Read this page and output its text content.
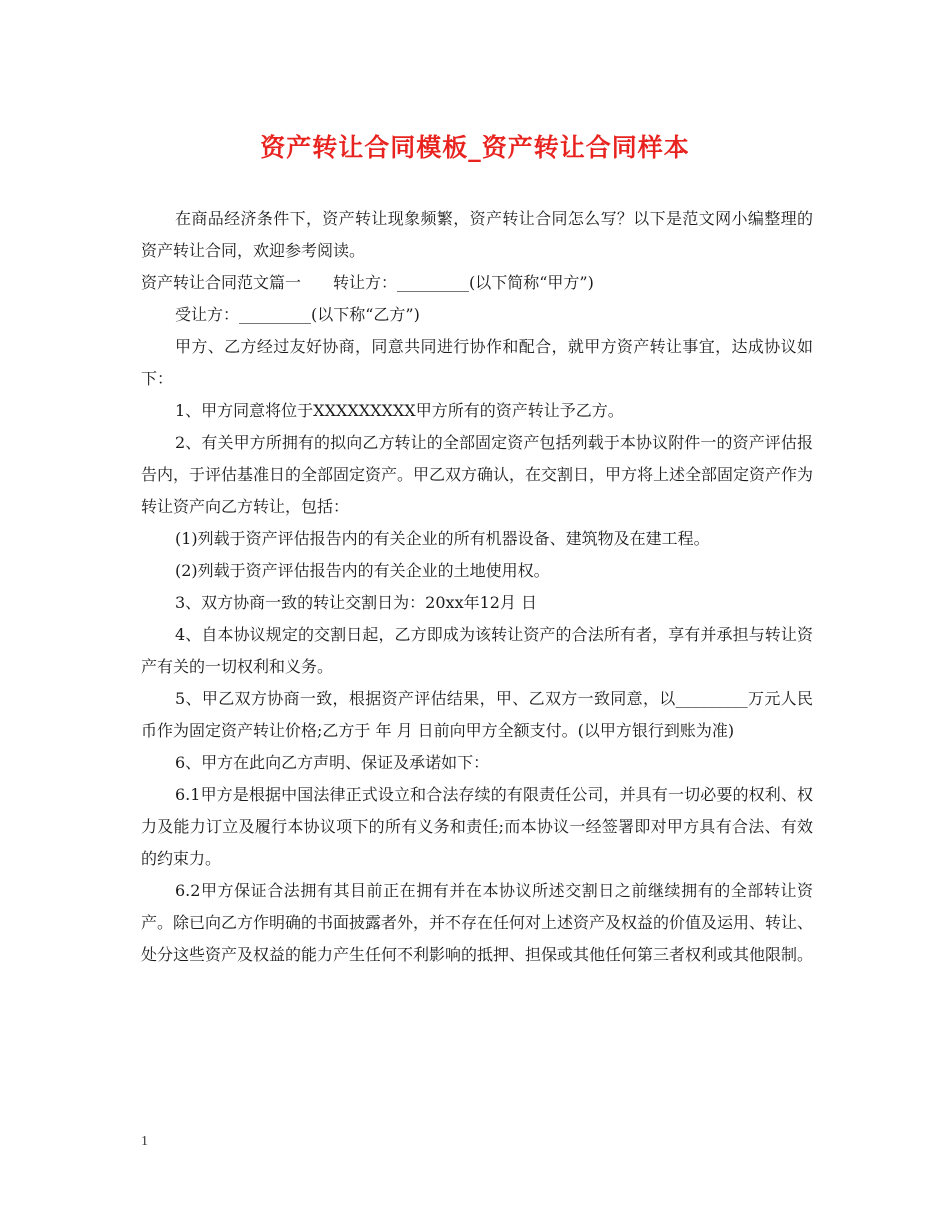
资产转让合同模板_资产转让合同样本

在商品经济条件下，资产转让现象频繁，资产转让合同怎么写？以下是范文网小编整理的资产转让合同，欢迎参考阅读。

资产转让合同范文篇一　　转让方：_________(以下简称“甲方”)

受让方：_________(以下称“乙方”)

甲方、乙方经过友好协商，同意共同进行协作和配合，就甲方资产转让事宜，达成协议如下：

1、甲方同意将位于XXXXXXXXX甲方所有的资产转让予乙方。

2、有关甲方所拥有的拟向乙方转让的全部固定资产包括列载于本协议附件一的资产评估报告内，于评估基准日的全部固定资产。甲乙双方确认，在交割日，甲方将上述全部固定资产作为转让资产向乙方转让，包括：

(1)列载于资产评估报告内的有关企业的所有机器设备、建筑物及在建工程。

(2)列载于资产评估报告内的有关企业的土地使用权。

3、双方协商一致的转让交割日为：20xx年12月 日

4、自本协议规定的交割日起，乙方即成为该转让资产的合法所有者，享有并承担与转让资产有关的一切权利和义务。

5、甲乙双方协商一致，根据资产评估结果，甲、乙双方一致同意，以_________万元人民币作为固定资产转让价格;乙方于 年 月 日前向甲方全额支付。(以甲方银行到账为准)

6、甲方在此向乙方声明、保证及承诺如下：

6.1甲方是根据中国法律正式设立和合法存续的有限责任公司，并具有一切必要的权利、权力及能力订立及履行本协议项下的所有义务和责任;而本协议一经签署即对甲方具有合法、有效的约束力。

6.2甲方保证合法拥有其目前正在拥有并在本协议所述交割日之前继续拥有的全部转让资产。除已向乙方作明确的书面披露者外，并不存在任何对上述资产及权益的价值及运用、转让、处分这些资产及权益的能力产生任何不利影响的抵押、担保或其他任何第三者权利或其他限制。

1
